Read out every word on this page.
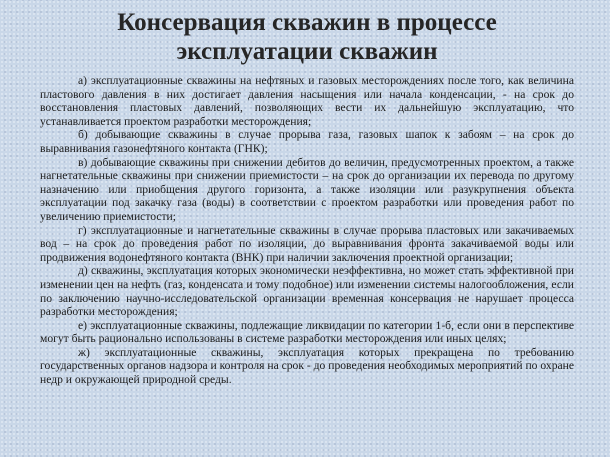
Консервация скважин в процессе
эксплуатации скважин

а) эксплуатационные скважины на нефтяных и газовых месторождениях после того, как величина пластового давления в них достигает давления насыщения или начала конденсации, - на срок до восстановления пластовых давлений, позволяющих вести их дальнейшую эксплуатацию, что устанавливается проектом разработки месторождения;

б) добывающие скважины в случае прорыва газа, газовых шапок к забоям – на срок до выравнивания газонефтяного контакта (ГНК);

в) добывающие скважины при снижении дебитов до величин, предусмотренных проектом, а также нагнетательные скважины при снижении приемистости – на срок до организации их перевода по другому назначению или приобщения другого горизонта, а также изоляции или разукрупнения объекта эксплуатации под закачку газа (воды) в соответствии с проектом разработки или проведения работ по увеличению приемистости;

г) эксплуатационные и нагнетательные скважины в случае прорыва пластовых или закачиваемых вод – на срок до проведения работ по изоляции, до выравнивания фронта закачиваемой воды или продвижения водонефтяного контакта (ВНК) при наличии заключения проектной организации;

д) скважины, эксплуатация которых экономически неэффективна, но может стать эффективной при изменении цен на нефть (газ, конденсата и тому подобное) или изменении системы налогообложения, если по заключению научно-исследовательской организации временная консервация не нарушает процесса разработки месторождения;

е) эксплуатационные скважины, подлежащие ликвидации по категории 1-б, если они в перспективе могут быть рационально использованы в системе разработки месторождения или иных целях;

ж) эксплуатационные скважины, эксплуатация которых прекращена по требованию государственных органов надзора и контроля на срок - до проведения необходимых мероприятий по охране недр и окружающей природной среды.
